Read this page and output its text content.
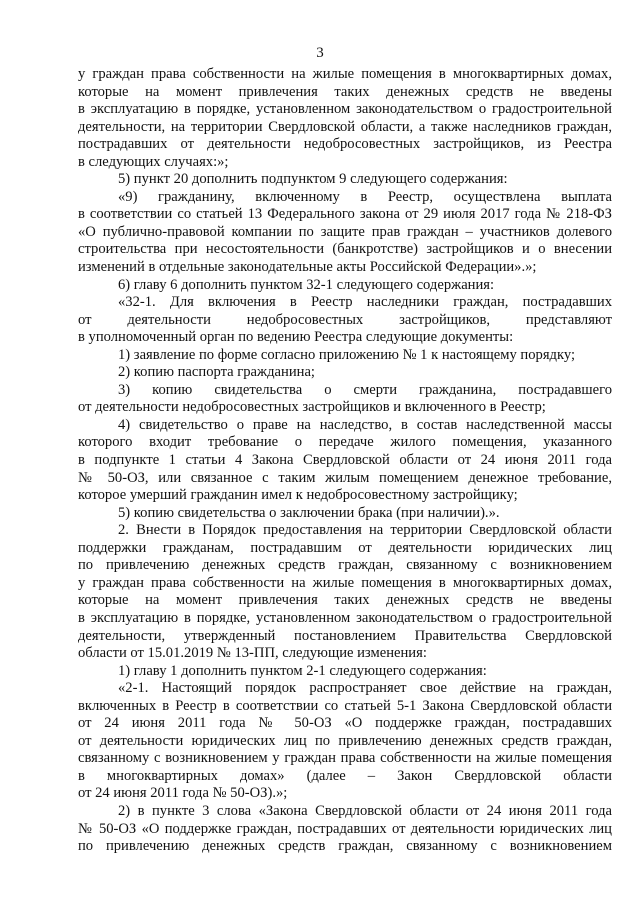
3
у граждан права собственности на жилые помещения в многоквартирных домах,
которые на момент привлечения таких денежных средств не введены
в эксплуатацию в порядке, установленном законодательством о градостроительной
деятельности, на территории Свердловской области, а также наследников граждан,
пострадавших от деятельности недобросовестных застройщиков, из Реестра
в следующих случаях:»;
5) пункт 20 дополнить подпунктом 9 следующего содержания:
«9) гражданину, включенному в Реестр, осуществлена выплата
в соответствии со статьей 13 Федерального закона от 29 июля 2017 года № 218-ФЗ
«О публично-правовой компании по защите прав граждан – участников долевого
строительства при несостоятельности (банкротстве) застройщиков и о внесении
изменений в отдельные законодательные акты Российской Федерации».»;
6) главу 6 дополнить пунктом 32-1 следующего содержания:
«32-1. Для включения в Реестр наследники граждан, пострадавших
от деятельности недобросовестных застройщиков, представляют
в уполномоченный орган по ведению Реестра следующие документы:
1) заявление по форме согласно приложению № 1 к настоящему порядку;
2) копию паспорта гражданина;
3) копию свидетельства о смерти гражданина, пострадавшего
от деятельности недобросовестных застройщиков и включенного в Реестр;
4) свидетельство о праве на наследство, в состав наследственной массы
которого входит требование о передаче жилого помещения, указанного
в подпункте 1 статьи 4 Закона Свердловской области от 24 июня 2011 года
№ 50-ОЗ, или связанное с таким жилым помещением денежное требование,
которое умерший гражданин имел к недобросовестному застройщику;
5) копию свидетельства о заключении брака (при наличии).».
2. Внести в Порядок предоставления на территории Свердловской области
поддержки гражданам, пострадавшим от деятельности юридических лиц
по привлечению денежных средств граждан, связанному с возникновением
у граждан права собственности на жилые помещения в многоквартирных домах,
которые на момент привлечения таких денежных средств не введены
в эксплуатацию в порядке, установленном законодательством о градостроительной
деятельности, утвержденный постановлением Правительства Свердловской
области от 15.01.2019 № 13-ПП, следующие изменения:
1) главу 1 дополнить пунктом 2-1 следующего содержания:
«2-1. Настоящий порядок распространяет свое действие на граждан,
включенных в Реестр в соответствии со статьей 5-1 Закона Свердловской области
от 24 июня 2011 года № 50-ОЗ «О поддержке граждан, пострадавших
от деятельности юридических лиц по привлечению денежных средств граждан,
связанному с возникновением у граждан права собственности на жилые помещения
в многоквартирных домах» (далее – Закон Свердловской области
от 24 июня 2011 года № 50-ОЗ).»;
2) в пункте 3 слова «Закона Свердловской области от 24 июня 2011 года
№ 50-ОЗ «О поддержке граждан, пострадавших от деятельности юридических лиц
по привлечению денежных средств граждан, связанному с возникновением
